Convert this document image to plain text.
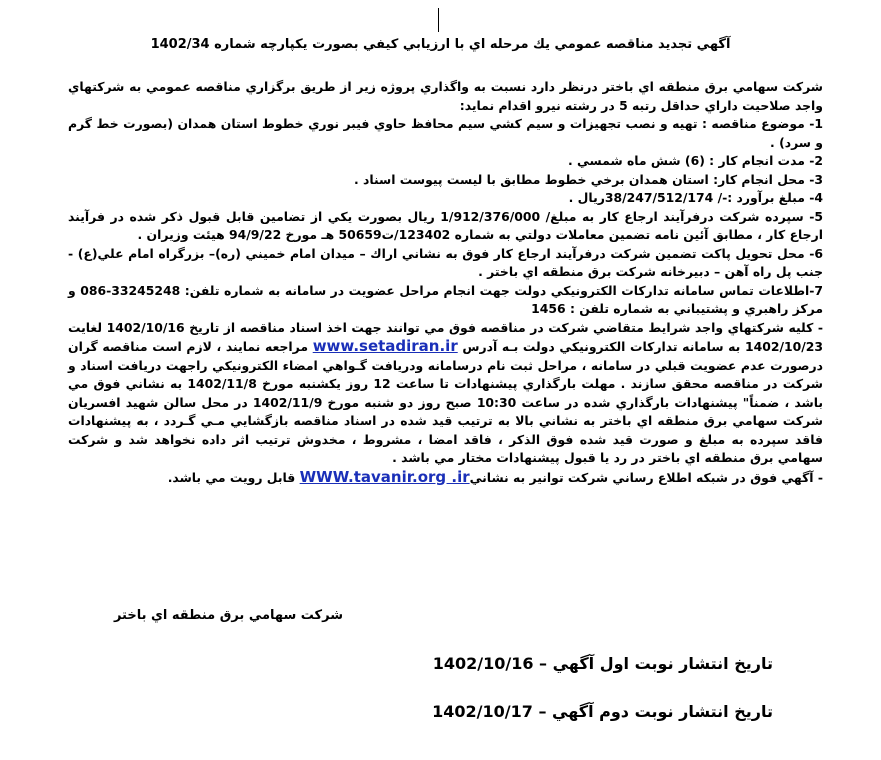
آگهي تجديد مناقصه عمومي يك مرحله اي با ارزيابي كيفي بصورت يكپارچه شماره 1402/34

شركت سهامي برق منطقه اي باختر درنظر دارد نسبت به واگذاري پروژه زير از طريق برگزاري مناقصه عمومي به شركتهاي واجد صلاحيت داراي حداقل رتبه 5 در رشته نيرو اقدام نمايد:

1- موضوع مناقصه : تهيه و نصب تجهيزات و سيم كشي سيم محافظ حاوي فيبر نوري خطوط استان همدان (بصورت خط گرم و سرد) .

2- مدت انجام كار : (6) شش ماه شمسي .

3- محل انجام كار: استان همدان برخي خطوط مطابق با ليست پيوست اسناد .

4- مبلغ برآورد :-/ 38/247/512/174ريال .

5- سپرده شركت درفرآيند ارجاع كار به مبلغ/ 1/912/376/000 ريال بصورت يكي از تضامين قابل قبول ذكر شده در فرآيند ارجاع كار ، مطابق آئين نامه تضمين معاملات دولتي به شماره 123402/ت50659 هـ مورخ 94/9/22 هيئت وزيران .

6- محل تحويل پاكت تضمين شركت درفرآيند ارجاع كار فوق به نشاني اراك – ميدان امام خميني (ره)– بزرگراه امام علي(ع) - جنب پل راه آهن – دبيرخانه شركت برق منطقه اي باختر .

7-اطلاعات تماس سامانه تداركات الكترونيكي دولت جهت انجام مراحل عضويت در سامانه به شماره تلفن: 33245248-086 و مركز راهبري و پشتيباني به شماره تلفن : 1456

- كليه شركتهاي واجد شرايط متقاضي شركت در مناقصه فوق مي توانند جهت اخذ اسناد مناقصه از تاريخ 1402/10/16 لغايت 1402/10/23 به سامانه تداركات الكترونيكي دولت بـه آدرس www.setadiran.ir مراجعه نمايند ، لازم است مناقصه گران درصورت عدم عضويت قبلي در سامانه ، مراحل ثبت نام درسامانه ودريافت گـواهي امضاء الكترونيكي راجهت دريافت اسناد و شركت در مناقصه محقق سازند . مهلت بارگذاري پيشنهادات تا ساعت 12 روز يكشنبه مورخ 1402/11/8 به نشاني فوق مي باشد ، ضمناً" پيشنهادات بارگذاري شده در ساعت 10:30 صبح روز دو شنبه مورخ 1402/11/9 در محل سالن شهيد افسريان شركت سهامي برق منطقه اي باختر به نشاني بالا به ترتيب قيد شده در اسناد مناقصه بازگشايي مـي گـردد ، به پيشنهادات فاقد سپرده به مبلغ و صورت قيد شده فوق الذكر ، فاقد امضا ، مشروط ، مخدوش ترتيب اثر داده نخواهد شد و شركت سهامي برق منطقه اي باختر در رد يا قبول پيشنهادات مختار مي باشد .

- آگهي فوق در شبكه اطلاع رساني شركت توانير به نشانيWWW.tavanir.org .ir قابل رويت مي باشد.

شركت سهامي برق منطقه اي باختر
تاريخ انتشار نوبت اول آگهي – 1402/10/16
تاريخ انتشار نوبت دوم آگهي – 1402/10/17
